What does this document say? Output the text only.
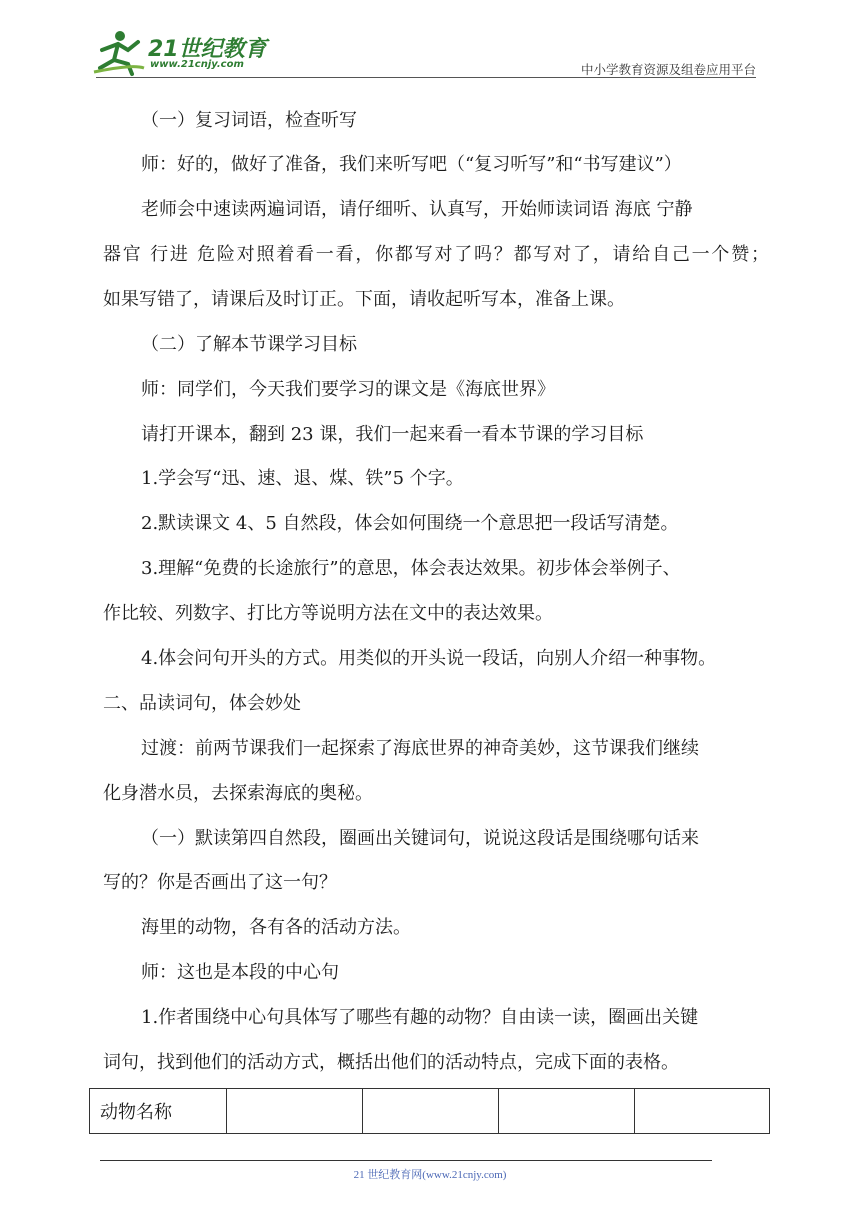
21世纪教育
www.21cnjy.com	中小学教育资源及组卷应用平台
（一）复习词语，检查听写
师：好的，做好了准备，我们来听写吧（“复习听写”和“书写建议”）
老师会中速读两遍词语，请仔细听、认真写，开始师读词语 海底 宁静
器官 行进 危险对照着看一看，你都写对了吗？都写对了，请给自己一个赞；
如果写错了，请课后及时订正。下面，请收起听写本，准备上课。
（二）了解本节课学习目标
师：同学们，今天我们要学习的课文是《海底世界》
请打开课本，翻到 23 课，我们一起来看一看本节课的学习目标
1.学会写“迅、速、退、煤、铁”5 个字。
2.默读课文 4、5 自然段，体会如何围绕一个意思把一段话写清楚。
3.理解“免费的长途旅行”的意思，体会表达效果。初步体会举例子、
作比较、列数字、打比方等说明方法在文中的表达效果。
4.体会问句开头的方式。用类似的开头说一段话，向别人介绍一种事物。
二、品读词句，体会妙处
过渡：前两节课我们一起探索了海底世界的神奇美妙，这节课我们继续
化身潜水员，去探索海底的奥秘。
（一）默读第四自然段，圈画出关键词句，说说这段话是围绕哪句话来
写的？你是否画出了这一句？
海里的动物，各有各的活动方法。
师：这也是本段的中心句
1.作者围绕中心句具体写了哪些有趣的动物？自由读一读，圈画出关键
词句，找到他们的活动方式，概括出他们的活动特点，完成下面的表格。
动物名称				
21 世纪教育网(www.21cnjy.com)
